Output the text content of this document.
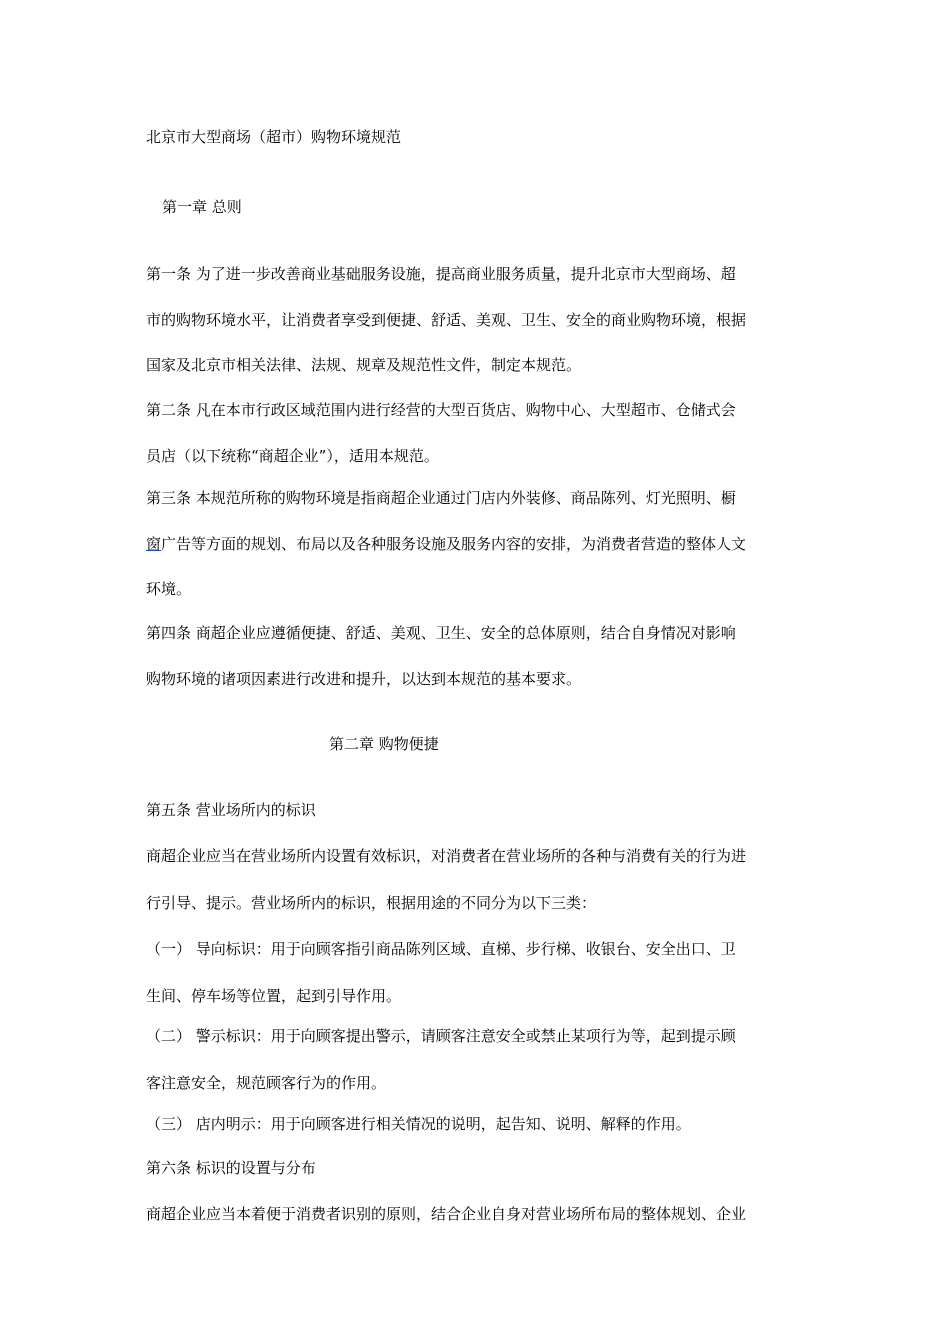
北京市大型商场（超市）购物环境规范
第一章 总则
第一条 为了进一步改善商业基础服务设施，提高商业服务质量，提升北京市大型商场、超
市的购物环境水平，让消费者享受到便捷、舒适、美观、卫生、安全的商业购物环境，根据
国家及北京市相关法律、法规、规章及规范性文件，制定本规范。
第二条 凡在本市行政区域范围内进行经营的大型百货店、购物中心、大型超市、仓储式会
员店（以下统称“商超企业”），适用本规范。
第三条 本规范所称的购物环境是指商超企业通过门店内外装修、商品陈列、灯光照明、橱
窗广告等方面的规划、布局以及各种服务设施及服务内容的安排，为消费者营造的整体人文
环境。
第四条 商超企业应遵循便捷、舒适、美观、卫生、安全的总体原则，结合自身情况对影响
购物环境的诸项因素进行改进和提升，以达到本规范的基本要求。
第二章 购物便捷
第五条 营业场所内的标识
商超企业应当在营业场所内设置有效标识，对消费者在营业场所的各种与消费有关的行为进
行引导、提示。营业场所内的标识，根据用途的不同分为以下三类：
（一） 导向标识：用于向顾客指引商品陈列区域、直梯、步行梯、收银台、安全出口、卫
生间、停车场等位置，起到引导作用。
（二） 警示标识：用于向顾客提出警示，请顾客注意安全或禁止某项行为等，起到提示顾
客注意安全，规范顾客行为的作用。
（三） 店内明示：用于向顾客进行相关情况的说明，起告知、说明、解释的作用。
第六条 标识的设置与分布
商超企业应当本着便于消费者识别的原则，结合企业自身对营业场所布局的整体规划、企业
